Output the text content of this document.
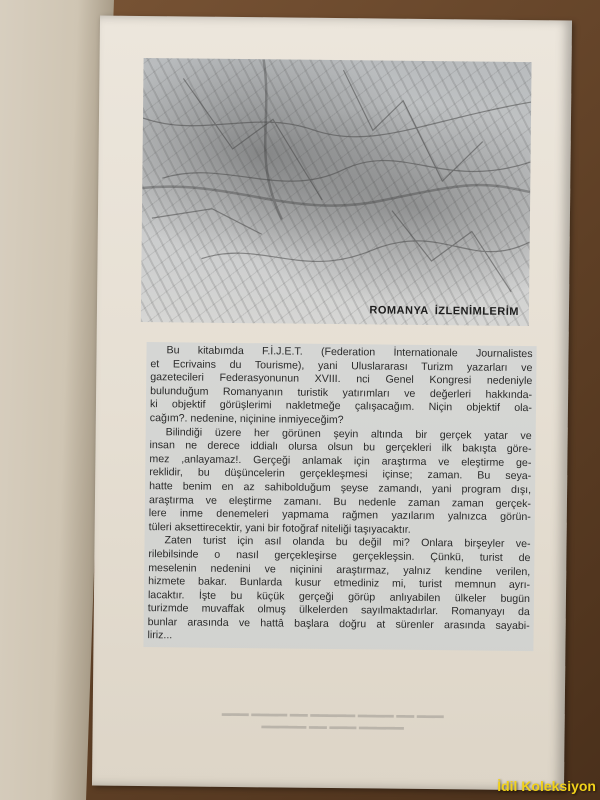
ROMANYA İZLENİMLERİM
Bu kitabımda F.İ.J.E.T. (Federation İnternationale Journalistes
et Ecrivains du Tourisme), yani Uluslararası Turizm yazarları ve
gazetecileri Federasyonunun XVIII. nci Genel Kongresi nedeniyle
bulunduğum Romanyanın turistik yatırımları ve değerleri hakkında-
ki objektif görüşlerimi nakletmeğe çalışacağım. Niçin objektif ola-
cağım?. nedenine, niçinine inmiyeceğim?
Bilindiği üzere her görünen şeyin altında bir gerçek yatar ve
insan ne derece iddialı olursa olsun bu gerçekleri ilk bakışta göre-
mez ,anlayamaz!. Gerçeği anlamak için araştırma ve eleştirme ge-
reklidir, bu düşüncelerin gerçekleşmesi içinse; zaman. Bu seya-
hatte benim en az sahibolduğum şeyse zamandı, yani program dışı,
araştırma ve eleştirme zamanı. Bu nedenle zaman zaman gerçek-
lere inme denemeleri yapmama rağmen yazılarım yalnızca görün-
tüleri aksettirecektir, yani bir fotoğraf niteliği taşıyacaktır.
Zaten turist için asıl olanda bu değil mi? Onlara birşeyler ve-
rilebilsinde o nasıl gerçekleşirse gerçekleşsin. Çünkü, turist de
meselenin nedenini ve niçinini araştırmaz, yalnız kendine verilen,
hizmete bakar. Bunlarda kusur etmediniz mi, turist memnun ayrı-
lacaktır. İşte bu küçük gerçeği görüp anlıyabilen ülkeler bugün
turizmde muvaffak olmuş ülkelerden sayılmaktadırlar. Romanyayı da
bunlar arasında ve hattâ başlara doğru at sürenler arasında sayabi-
liriz...
▬▬▬ ▬▬ ▬▬▬▬ ▬▬▬▬▬ ▬▬ ▬▬▬▬ ▬▬▬
▬▬▬▬▬ ▬▬▬ ▬▬ ▬▬▬▬▬
İdil Koleksiyon
